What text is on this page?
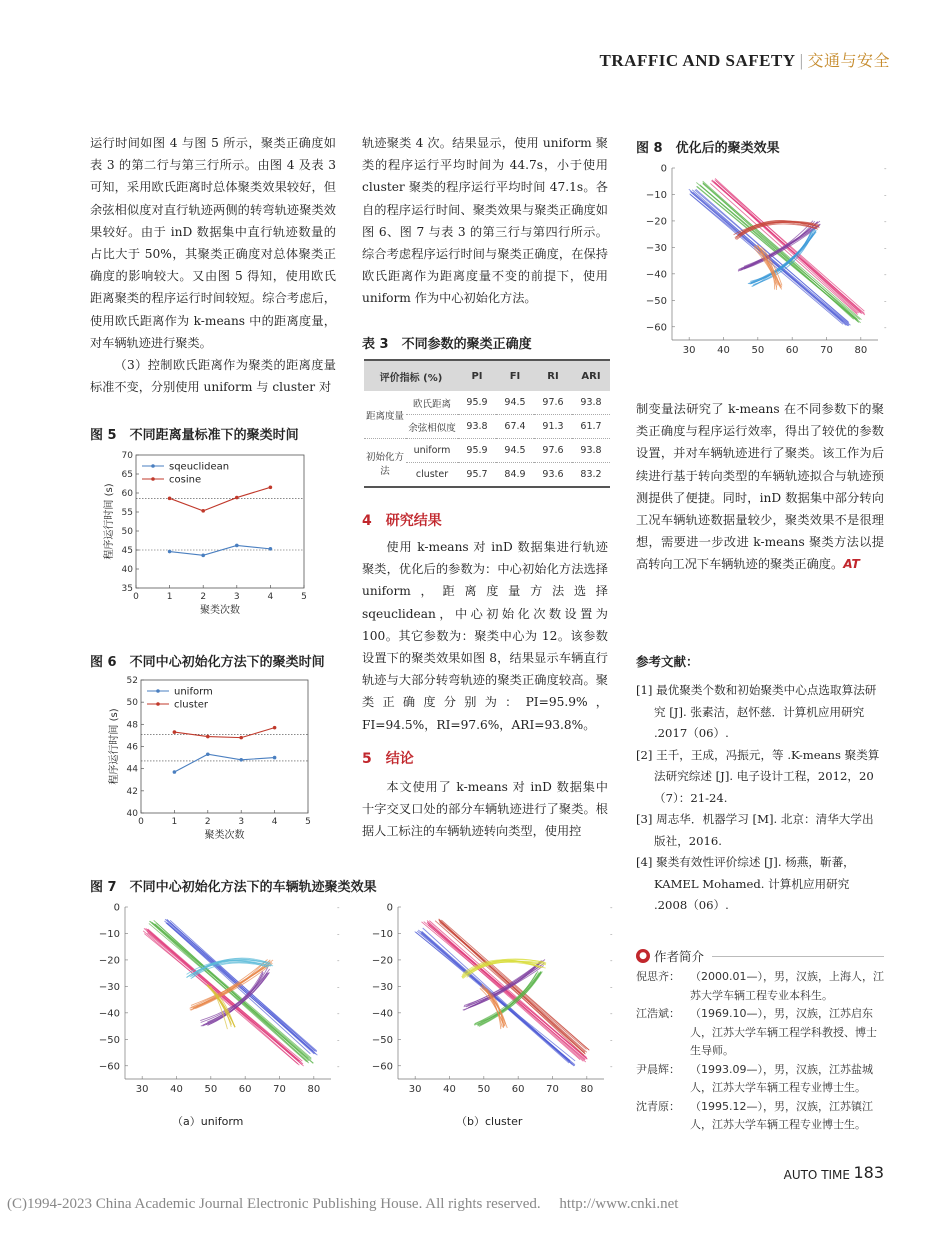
TRAFFIC AND SAFETY | 交通与安全

运行时间如图 4 与图 5 所示，聚类正确度如表 3 的第二行与第三行所示。由图 4 及表 3 可知，采用欧氏距离时总体聚类效果较好，但余弦相似度对直行轨迹两侧的转弯轨迹聚类效果较好。由于 inD 数据集中直行轨迹数量的占比大于 50%，其聚类正确度对总体聚类正确度的影响较大。又由图 5 得知，使用欧氏距离聚类的程序运行时间较短。综合考虑后，使用欧氏距离作为 k-means 中的距离度量，对车辆轨迹进行聚类。

（3）控制欧氏距离作为聚类的距离度量标准不变，分别使用 uniform 与 cluster 对

图 5　不同距离量标准下的聚类时间

0	1	2	3	4	5
35
40
45
50
55
60
65
70
聚类次数
程序运行时间 (s)
sqeuclidean
cosine

图 6　不同中心初始化方法下的聚类时间

0	1	2	3	4	5
40
42
44
46
48
50
52
聚类次数
程序运行时间 (s)
uniform
cluster

轨迹聚类 4 次。结果显示，使用 uniform 聚类的程序运行平均时间为 44.7s，小于使用 cluster 聚类的程序运行平均时间 47.1s。各自的程序运行时间、聚类效果与聚类正确度如图 6、图 7 与表 3 的第三行与第四行所示。综合考虑程序运行时间与聚类正确度，在保持欧氏距离作为距离度量不变的前提下，使用 uniform 作为中心初始化方法。

表 3　不同参数的聚类正确度

评价指标 (%)		PI	FI	RI	ARI
距离度量	欧氏距离	95.9	94.5	97.6	93.8
	余弦相似度	93.8	67.4	91.3	61.7
初始化方法	uniform	95.9	94.5	97.6	93.8
	cluster	95.7	84.9	93.6	83.2

4　研究结果

使用 k-means 对 inD 数据集进行轨迹聚类，优化后的参数为：中心初始化方法选择 uniform，距离度量方法选择 sqeuclidean，中心初始化次数设置为 100。其它参数为：聚类中心为 12。该参数设置下的聚类效果如图 8，结果显示车辆直行轨迹与大部分转弯轨迹的聚类正确度较高。聚类正确度分别为：PI=95.9%，FI=94.5%，RI=97.6%，ARI=93.8%。

5　结论

本文使用了 k-means 对 inD 数据集中十字交叉口处的部分车辆轨迹进行了聚类。根据人工标注的车辆轨迹转向类型，使用控

图 8　优化后的聚类效果

30 40 50 60 70 80
0	-
−10	-
−20	-
−30	-
−40	-
−50	-
−60	-

制变量法研究了 k-means 在不同参数下的聚类正确度与程序运行效率，得出了较优的参数设置，并对车辆轨迹进行了聚类。该工作为后续进行基于转向类型的车辆轨迹拟合与轨迹预测提供了便捷。同时，inD 数据集中部分转向工况车辆轨迹数据量较少，聚类效果不是很理想，需要进一步改进 k-means 聚类方法以提高转向工况下车辆轨迹的聚类正确度。AT

参考文献：

[1] 最优聚类个数和初始聚类中心点选取算法研究 [J]. 张素洁，赵怀慈．计算机应用研究 .2017（06）.

[2] 王千，王成，冯振元，等 .K-means 聚类算法研究综述 [J]. 电子设计工程，2012，20（7）：21-24.

[3] 周志华．机器学习 [M]. 北京：清华大学出版社，2016.

[4] 聚类有效性评价综述 [J]. 杨燕，靳蕃，KAMEL Mohamed. 计算机应用研究 .2008（06）.

● 作者简介
倪思齐： （2000.01—），男，汉族，上海人，江苏大学车辆工程专业本科生。
江浩斌： （1969.10—），男，汉族，江苏启东人，江苏大学车辆工程学科教授、博士生导师。
尹晨辉： （1993.09—），男，汉族，江苏盐城人，江苏大学车辆工程专业博士生。
沈青原： （1995.12—），男，汉族，江苏镇江人，江苏大学车辆工程专业博士生。

图 7　不同中心初始化方法下的车辆轨迹聚类效果

30 40 50 60 70 80
0	-
−10	-
−20	-
−30	-
−40	-
−50	-
−60	-
30 40 50 60 70 80
0	-
−10	-
−20	-
−30	-
−40	-
−50	-
−60	-

（a）uniform	（b）cluster

AUTO TIME 183
(C)1994-2023 China Academic Journal Electronic Publishing House. All rights reserved.　 http://www.cnki.net
